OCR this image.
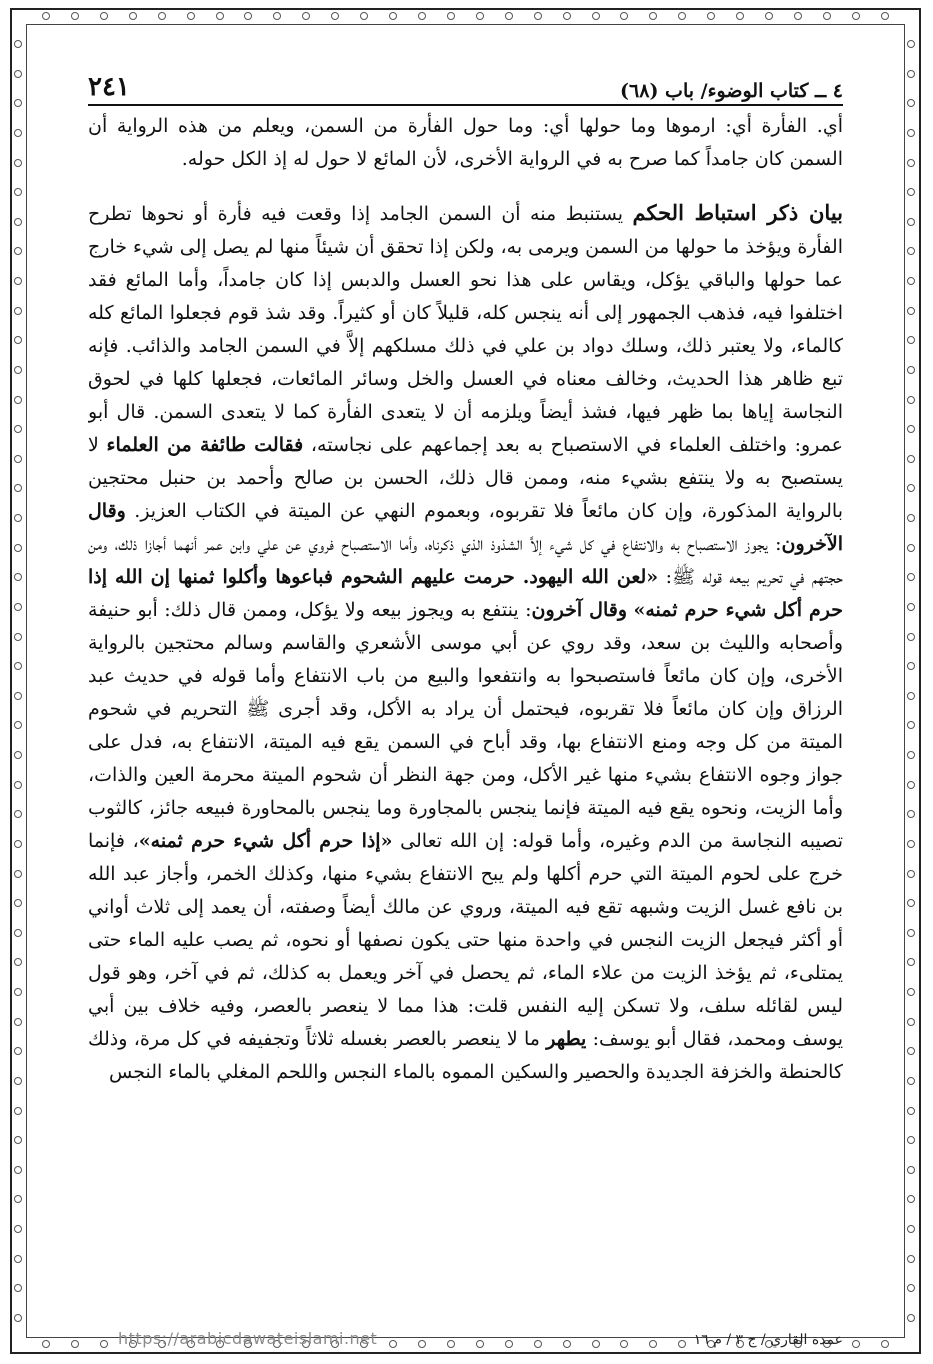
٤ ــ كتاب الوضوء/ باب (٦٨)
٢٤١

أي. الفأرة أي: ارموها وما حولها أي: وما حول الفأرة من السمن، ويعلم من هذه الرواية أن السمن كان جامداً كما صرح به في الرواية الأخرى، لأن المائع لا حول له إذ الكل حوله.

بيان ذكر استباط الحكم يستنبط منه أن السمن الجامد إذا وقعت فيه فأرة أو نحوها تطرح الفأرة ويؤخذ ما حولها من السمن ويرمى به، ولكن إذا تحقق أن شيئاً منها لم يصل إلى شيء خارج عما حولها والباقي يؤكل، ويقاس على هذا نحو العسل والدبس إذا كان جامداً، وأما المائع فقد اختلفوا فيه، فذهب الجمهور إلى أنه ينجس كله، قليلاً كان أو كثيراً. وقد شذ قوم فجعلوا المائع كله كالماء، ولا يعتبر ذلك، وسلك دواد بن علي في ذلك مسلكهم إلاَّ في السمن الجامد والذائب. فإنه تبع ظاهر هذا الحديث، وخالف معناه في العسل والخل وسائر المائعات، فجعلها كلها في لحوق النجاسة إياها بما ظهر فيها، فشذ أيضاً ويلزمه أن لا يتعدى الفأرة كما لا يتعدى السمن. قال أبو عمرو: واختلف العلماء في الاستصباح به بعد إجماعهم على نجاسته، فقالت طائفة من العلماء لا يستصبح به ولا ينتفع بشيء منه، وممن قال ذلك، الحسن بن صالح وأحمد بن حنبل محتجين بالرواية المذكورة، وإن كان مائعاً فلا تقربوه، وبعموم النهي عن الميتة في الكتاب العزيز. وقال الآخرون: يجوز الاستصباح به والانتفاع في كل شيء إلاَّ الشذوذ الذي ذكرناه، وأما الاستصباح فروي عن علي وابن عمر أنهما أجازا ذلك، ومن حجتهم في تحريم بيعه قوله ﷺ: «لعن الله اليهود. حرمت عليهم الشحوم فباعوها وأكلوا ثمنها إن الله إذا حرم أكل شيء حرم ثمنه» وقال آخرون: ينتفع به ويجوز بيعه ولا يؤكل، وممن قال ذلك: أبو حنيفة وأصحابه والليث بن سعد، وقد روي عن أبي موسى الأشعري والقاسم وسالم محتجين بالرواية الأخرى، وإن كان مائعاً فاستصبحوا به وانتفعوا والبيع من باب الانتفاع وأما قوله في حديث عبد الرزاق وإن كان مائعاً فلا تقربوه، فيحتمل أن يراد به الأكل، وقد أجرى ﷺ التحريم في شحوم الميتة من كل وجه ومنع الانتفاع بها، وقد أباح في السمن يقع فيه الميتة، الانتفاع به، فدل على جواز وجوه الانتفاع بشيء منها غير الأكل، ومن جهة النظر أن شحوم الميتة محرمة العين والذات، وأما الزيت، ونحوه يقع فيه الميتة فإنما ينجس بالمجاورة وما ينجس بالمحاورة فبيعه جائز، كالثوب تصيبه النجاسة من الدم وغيره، وأما قوله: إن الله تعالى «إذا حرم أكل شيء حرم ثمنه»، فإنما خرج على لحوم الميتة التي حرم أكلها ولم يبح الانتفاع بشيء منها، وكذلك الخمر، وأجاز عبد الله بن نافع غسل الزيت وشبهه تقع فيه الميتة، وروي عن مالك أيضاً وصفته، أن يعمد إلى ثلاث أواني أو أكثر فيجعل الزيت النجس في واحدة منها حتى يكون نصفها أو نحوه، ثم يصب عليه الماء حتى يمتلىء، ثم يؤخذ الزيت من علاء الماء، ثم يحصل في آخر ويعمل به كذلك، ثم في آخر، وهو قول ليس لقائله سلف، ولا تسكن إليه النفس قلت: هذا مما لا ينعصر بالعصر، وفيه خلاف بين أبي يوسف ومحمد، فقال أبو يوسف: يطهر ما لا ينعصر بالعصر بغسله ثلاثاً وتجفيفه في كل مرة، وذلك كالحنطة والخزفة الجديدة والحصير والسكين المموه بالماء النجس واللحم المغلي بالماء النجس

عمدة القاري / ج ٣ / م ١٦
https://arabicdawateislami.net
